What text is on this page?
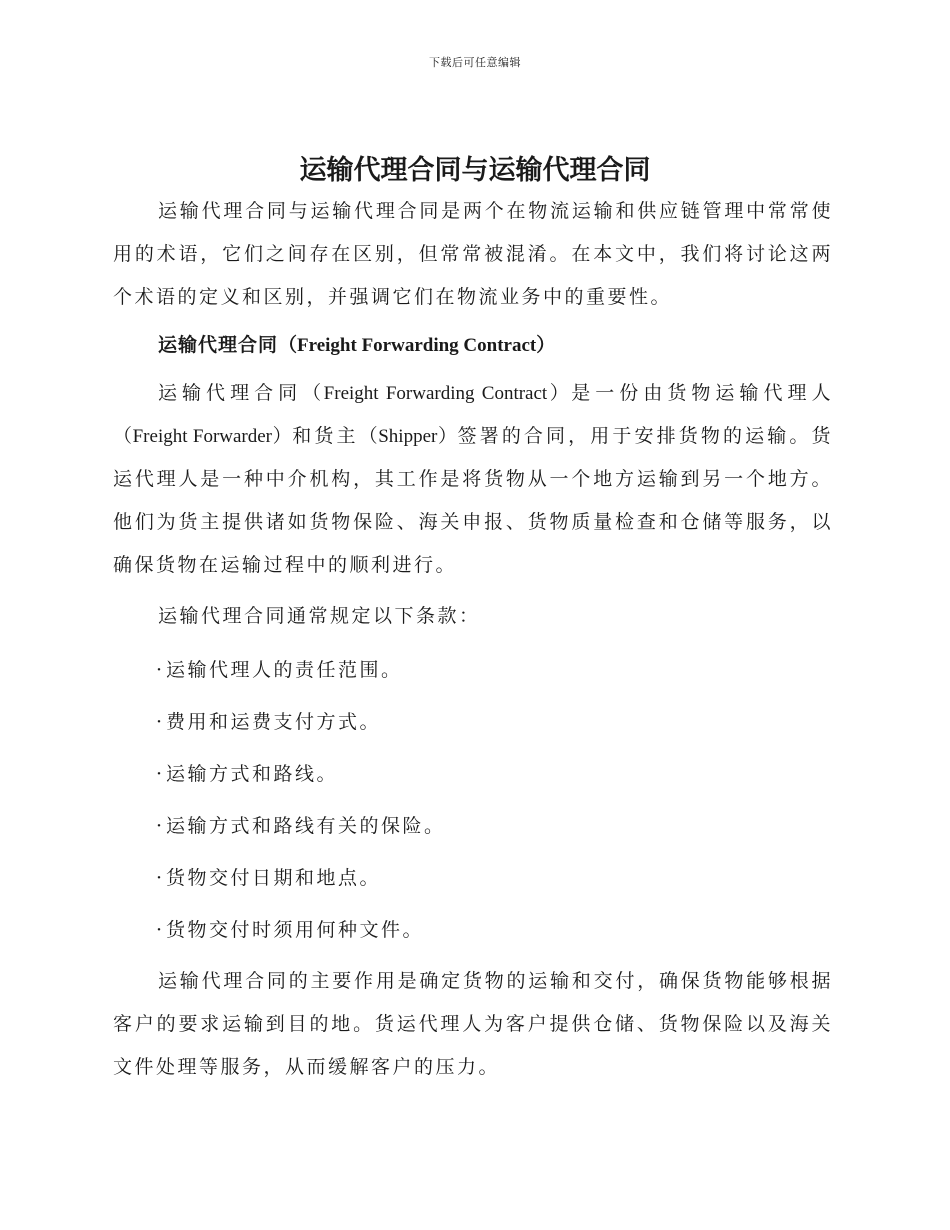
下载后可任意编辑
运输代理合同与运输代理合同

运输代理合同与运输代理合同是两个在物流运输和供应链管理中常常使用的术语，它们之间存在区别，但常常被混淆。在本文中，我们将讨论这两个术语的定义和区别，并强调它们在物流业务中的重要性。

运输代理合同（Freight Forwarding Contract）

运输代理合同（Freight Forwarding Contract）是一份由货物运输代理人（Freight Forwarder）和货主（Shipper）签署的合同，用于安排货物的运输。货运代理人是一种中介机构，其工作是将货物从一个地方运输到另一个地方。他们为货主提供诸如货物保险、海关申报、货物质量检查和仓储等服务，以确保货物在运输过程中的顺利进行。

运输代理合同通常规定以下条款：

· 运输代理人的责任范围。
· 费用和运费支付方式。
· 运输方式和路线。
· 运输方式和路线有关的保险。
· 货物交付日期和地点。
· 货物交付时须用何种文件。

运输代理合同的主要作用是确定货物的运输和交付，确保货物能够根据客户的要求运输到目的地。货运代理人为客户提供仓储、货物保险以及海关文件处理等服务，从而缓解客户的压力。
